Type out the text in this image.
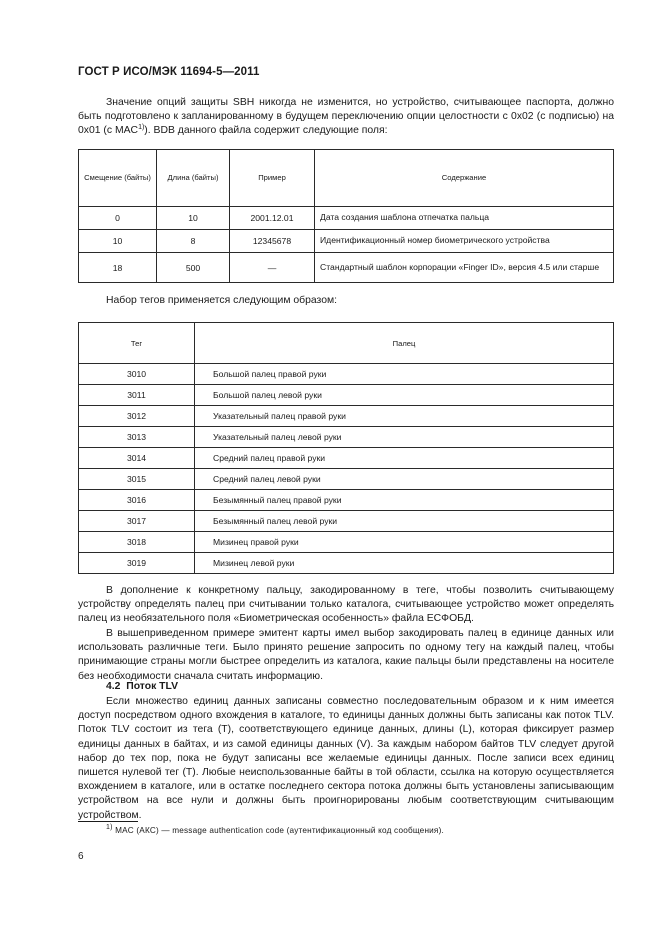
ГОСТ Р ИСО/МЭК 11694-5—2011

Значение опций защиты SBH никогда не изменится, но устройство, считывающее паспорта, должно быть подготовлено к запланированному в будущем переключению опции целостности с 0x02 (с подписью) на 0x01 (с MAC$^{1)}$). BDB данного файла содержит следующие поля:

Смещение (байты)	Длина (байты)	Пример	Содержание
0	10	2001.12.01	Дата создания шаблона отпечатка пальца
10	8	12345678	Идентификационный номер биометрического устройства
18	500	—	Стандартный шаблон корпорации «Finger ID», версия 4.5 или старше

Набор тегов применяется следующим образом:

Тег	Палец
3010	Большой палец правой руки
3011	Большой палец левой руки
3012	Указательный палец правой руки
3013	Указательный палец левой руки
3014	Средний палец правой руки
3015	Средний палец левой руки
3016	Безымянный палец правой руки
3017	Безымянный палец левой руки
3018	Мизинец правой руки
3019	Мизинец левой руки

В дополнение к конкретному пальцу, закодированному в теге, чтобы позволить считывающему устройству определять палец при считывании только каталога, считывающее устройство может определять палец из необязательного поля «Биометрическая особенность» файла ЕСФОБД.

В вышеприведенном примере эмитент карты имел выбор закодировать палец в единице данных или использовать различные теги. Было принято решение запросить по одному тегу на каждый палец, чтобы принимающие страны могли быстрее определить из каталога, какие пальцы были представлены на носителе без необходимости сначала считать информацию.

4.2 Поток TLV

Если множество единиц данных записаны совместно последовательным образом и к ним имеется доступ посредством одного вхождения в каталоге, то единицы данных должны быть записаны как поток TLV. Поток TLV состоит из тега (T), соответствующего единице данных, длины (L), которая фиксирует размер единицы данных в байтах, и из самой единицы данных (V). За каждым набором байтов TLV следует другой набор до тех пор, пока не будут записаны все желаемые единицы данных. После записи всех единиц пишется нулевой тег (T). Любые неиспользованные байты в той области, ссылка на которую осуществляется вхождением в каталоге, или в остатке последнего сектора потока должны быть установлены записывающим устройством на все нули и должны быть проигнорированы любым соответствующим считывающим устройством.

$^{1)}$ MAC (АКС) — message authentication code (аутентификационный код сообщения).
6
